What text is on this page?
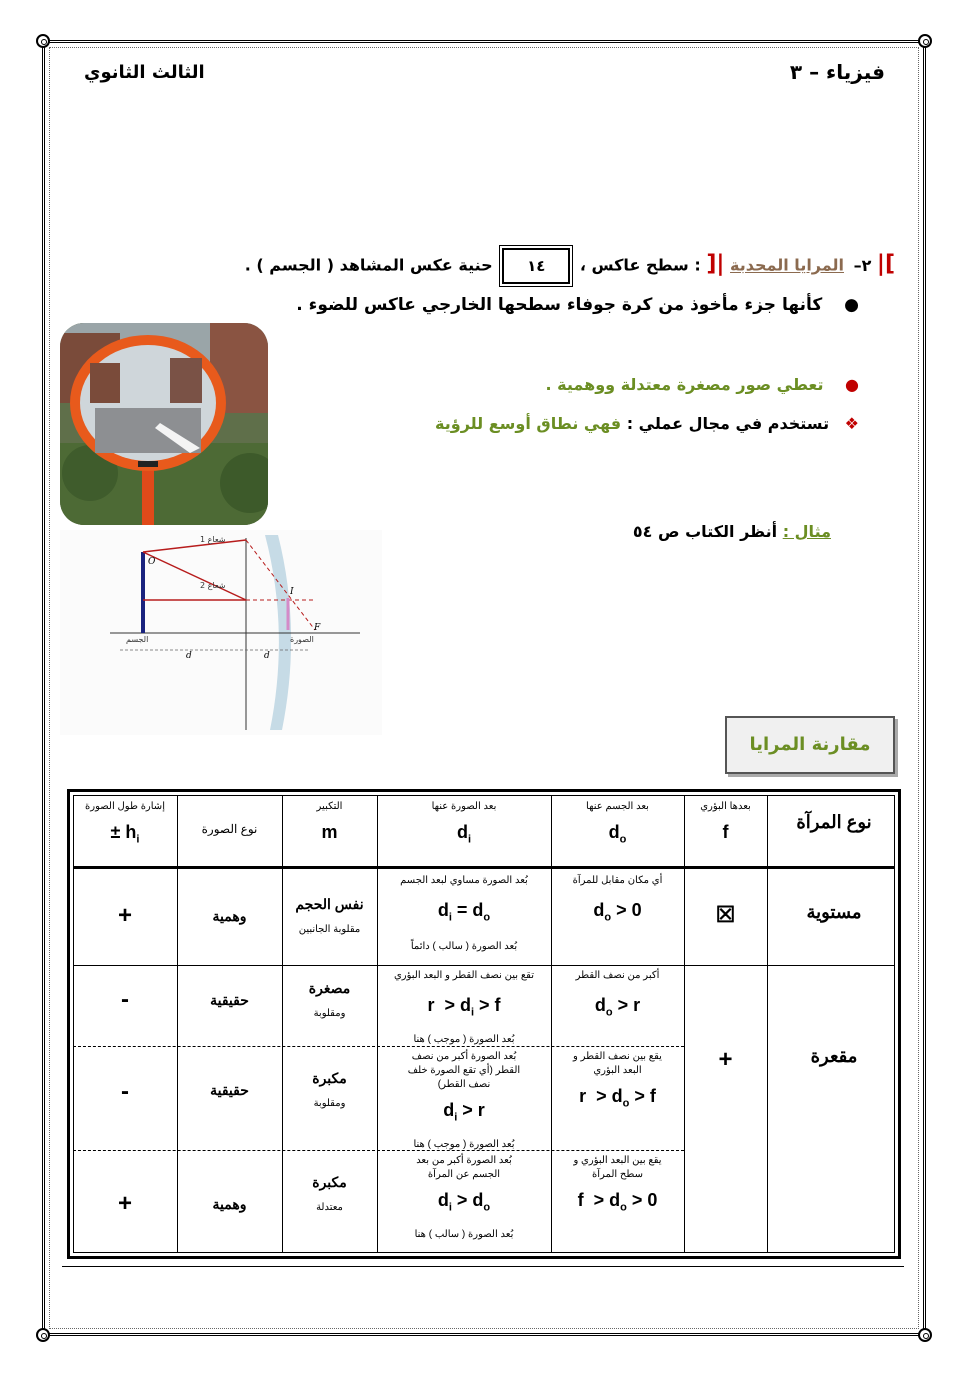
فيزياء – ٣
الثالث الثانوي
]| ٢– المرايا المحدبة |[ : سطح عاكس ، ١٤ حنية عكس المشاهد ( الجسم ) .
● كأنها جزء مأخوذ من كرة جوفاء سطحها الخارجي عاكس للضوء .
● تعطي صور مصغرة معتدلة ووهمية .
❖ تستخدم في مجال عملي : فهي نطاق أوسع للرؤية
مثال : أنظر الكتاب ص ٥٤
شعاع 1
شعاع 2
O
I
F
الجسم	الصورة
d	d
مقارنة المرايا
نوع المرآة
بعدها البؤري
f
بعد الجسم عنها
$d_o$
بعد الصورة عنها
$d_i$
التكبير
m
نوع الصورة
إشارة طول الصورة
± $h_i$
مستوية
☒
أي مكان مقابل للمرآة
$d_o > 0$
بُعد الصورة مساوي لبعد الجسم
$d_i = d_o$
بُعد الصورة ( سالب ) دائماً
نفس الحجم
مقلوبة الجانبين
وهمية
+
مقعرة
+
أكبر من نصف القطر
$d_o > r$
تقع بين نصف القطر و البعد البؤري
$r > d_i > f$
بُعد الصورة ( موجب ) هنا
مصغرة
ومقلوبة
حقيقية
-
يقع بين نصف القطر و البعد البؤري
$r > d_o > f$
بُعد الصورة أكبر من نصف القطر (أي تقع الصورة خلف نصف القطر)
$d_i > r$
بُعد الصورة ( موجب ) هنا
مكبرة
ومقلوبة
حقيقية
-
يقع بين البعد البؤري و سطح المرآة
$f > d_o > 0$
بُعد الصورة أكبر من بعد الجسم عن المرآة
$d_i > d_o$
بُعد الصورة ( سالب ) هنا
مكبرة
معتدلة
وهمية
+
